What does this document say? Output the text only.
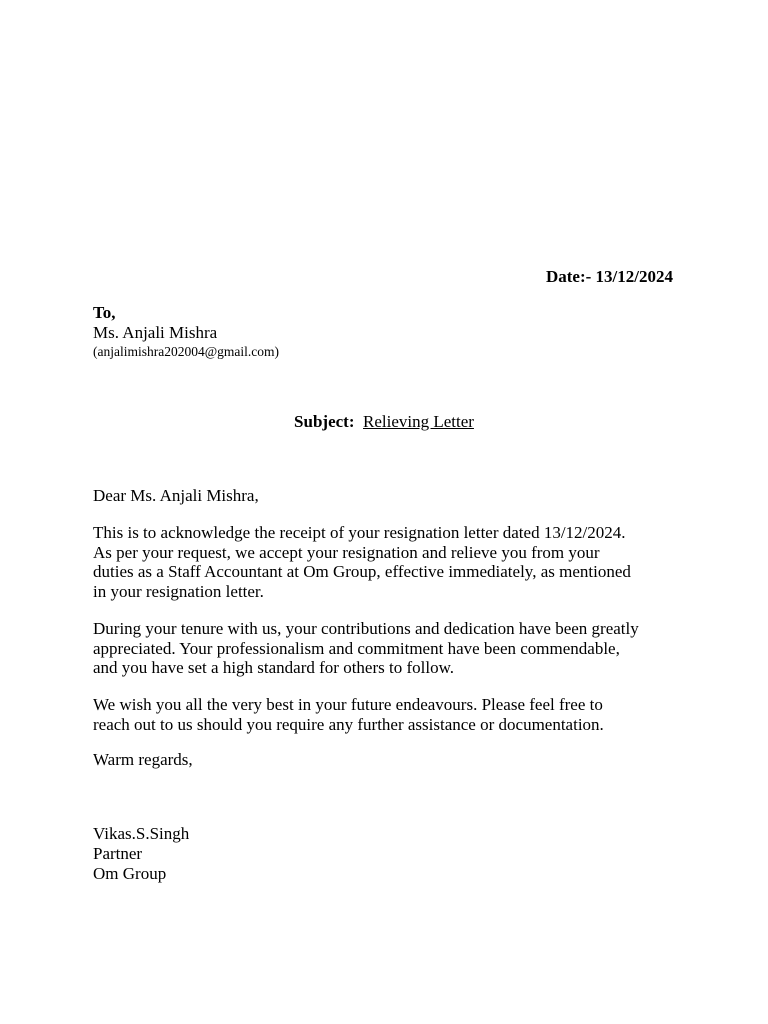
Date:- 13/12/2024
To,
Ms. Anjali Mishra
(anjalimishra202004@gmail.com)
Subject: Relieving Letter
Dear Ms. Anjali Mishra,
This is to acknowledge the receipt of your resignation letter dated 13/12/2024.
As per your request, we accept your resignation and relieve you from your
duties as a Staff Accountant at Om Group, effective immediately, as mentioned
in your resignation letter.
During your tenure with us, your contributions and dedication have been greatly
appreciated. Your professionalism and commitment have been commendable,
and you have set a high standard for others to follow.
We wish you all the very best in your future endeavours. Please feel free to
reach out to us should you require any further assistance or documentation.
Warm regards,
Vikas.S.Singh
Partner
Om Group
